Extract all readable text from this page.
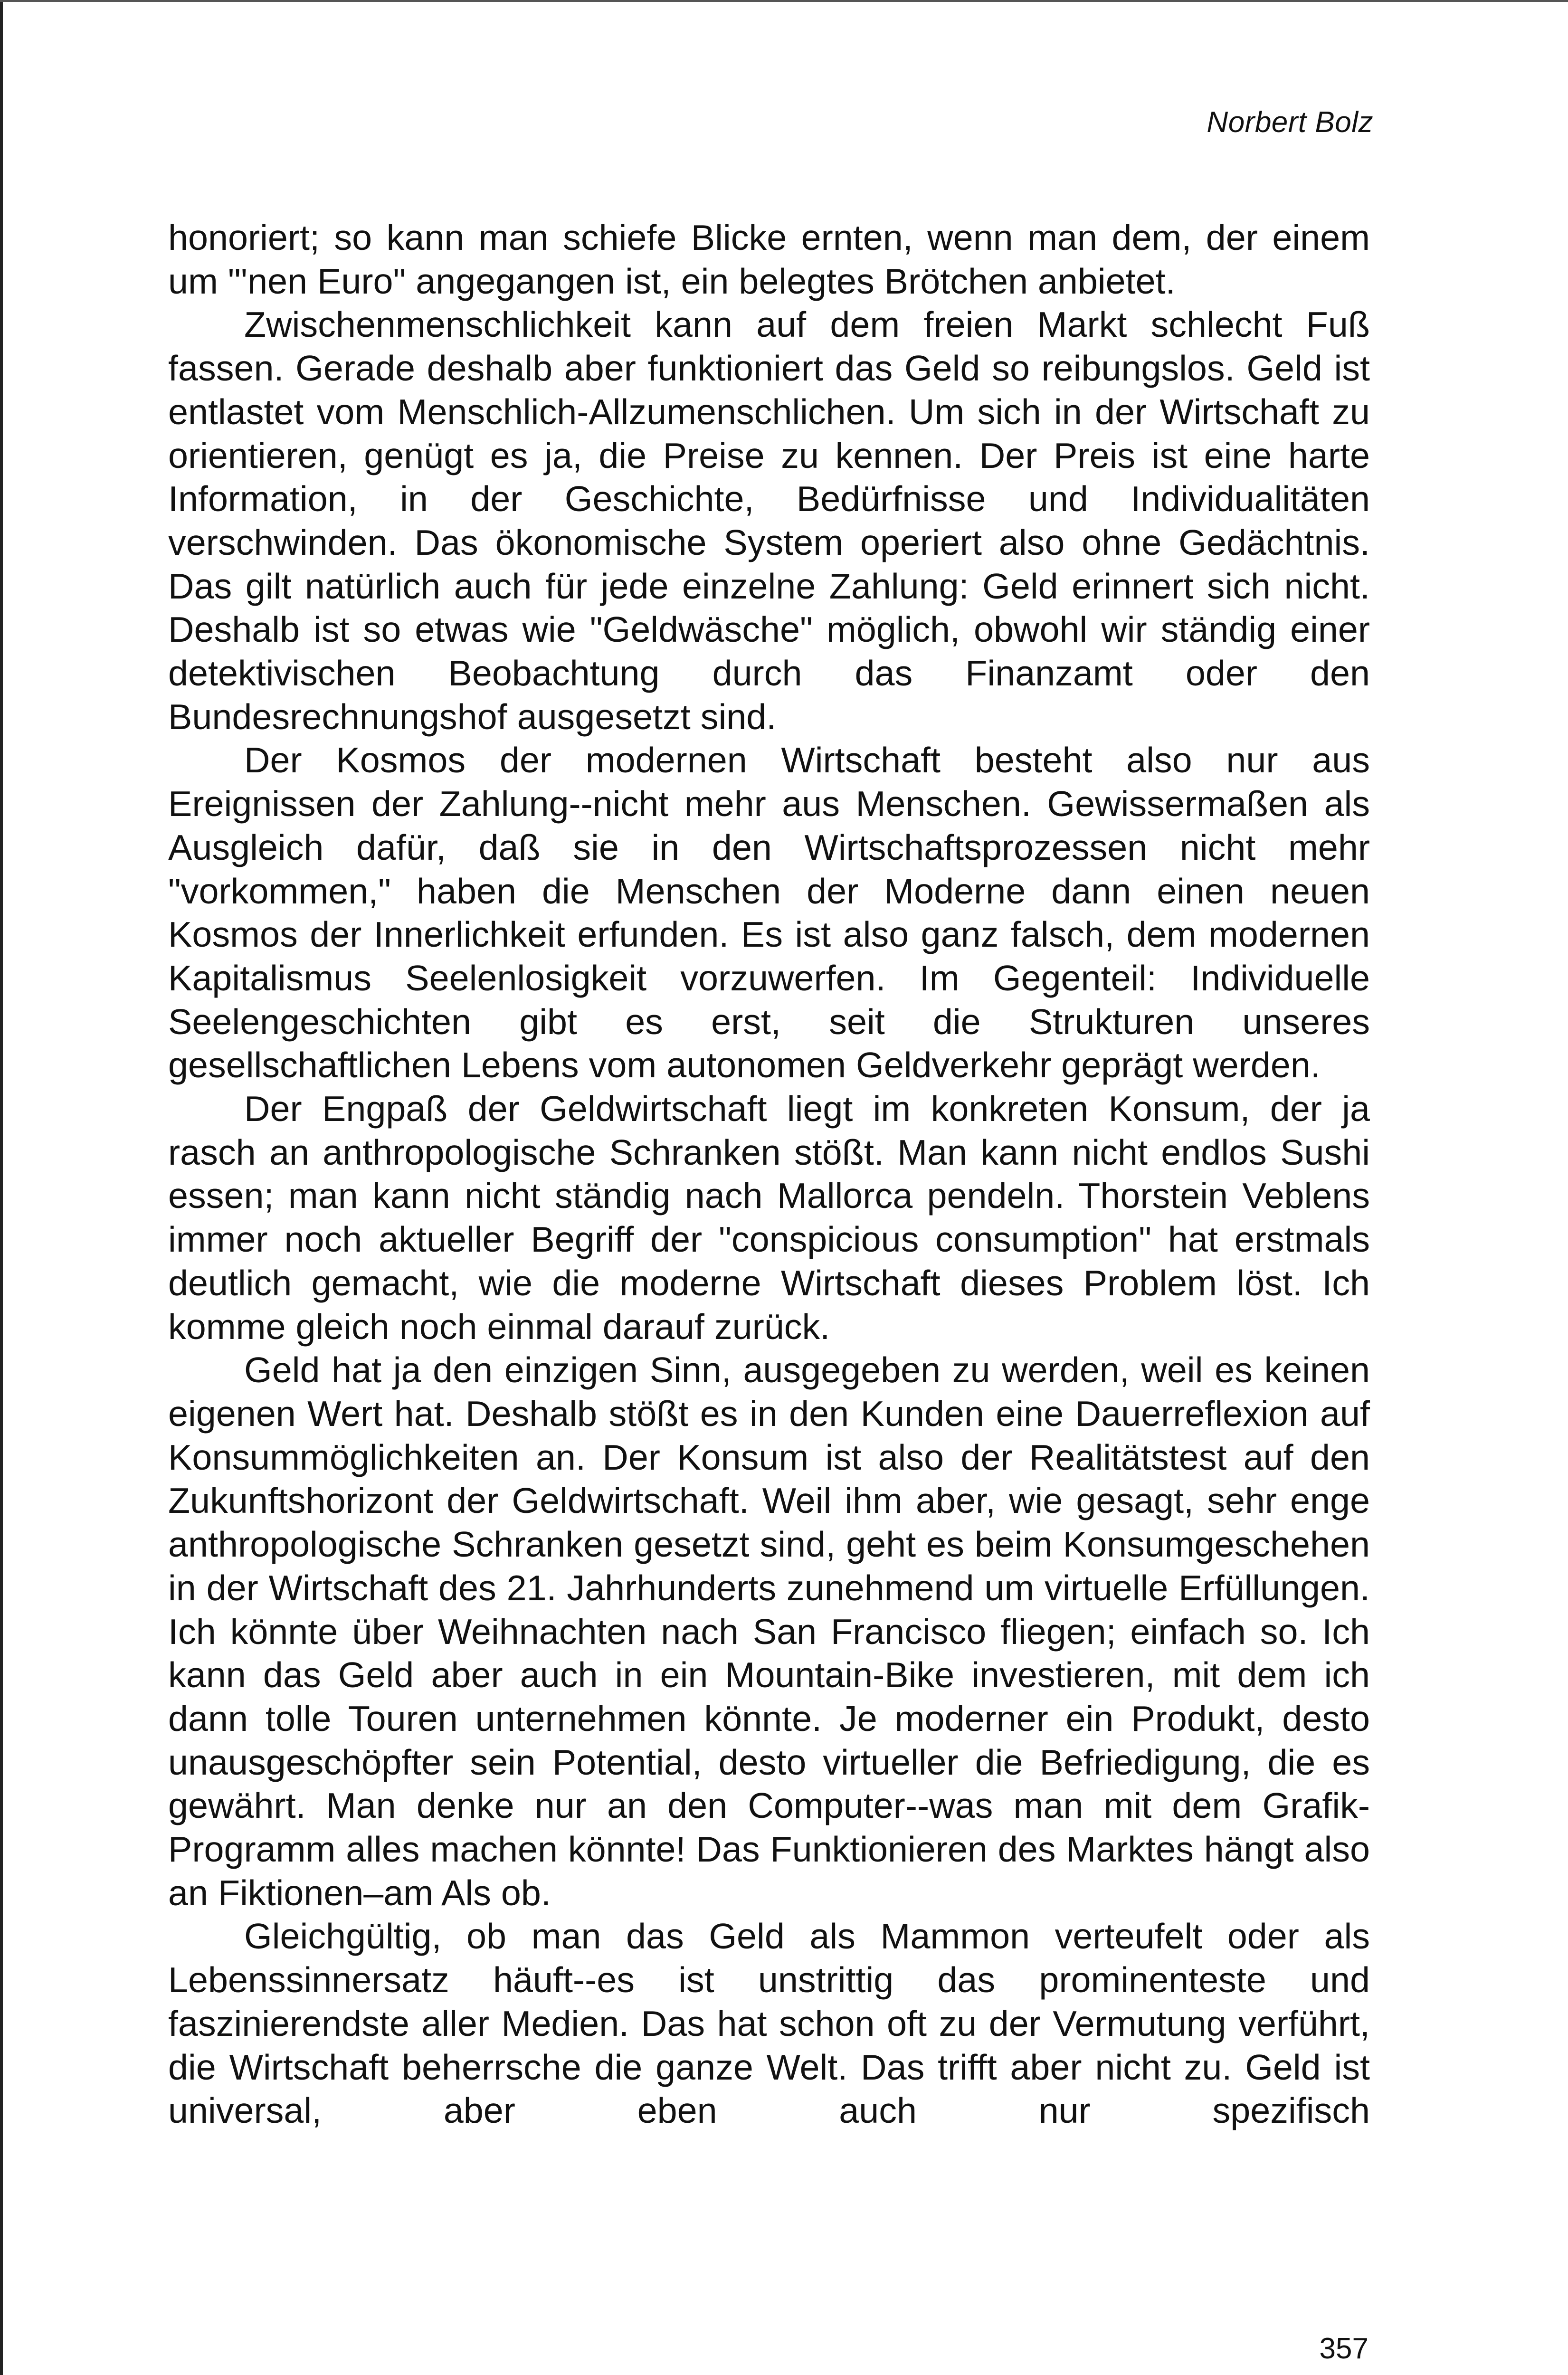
Norbert Bolz

honoriert; so kann man schiefe Blicke ernten, wenn man dem, der einem um "'nen Euro" angegangen ist, ein belegtes Brötchen anbietet.

Zwischenmenschlichkeit kann auf dem freien Markt schlecht Fuß fassen. Gerade deshalb aber funktioniert das Geld so reibungslos. Geld ist entlastet vom Menschlich-Allzumenschlichen. Um sich in der Wirtschaft zu orientieren, genügt es ja, die Preise zu kennen. Der Preis ist eine harte Information, in der Geschichte, Bedürfnisse und Individualitäten verschwinden. Das ökonomische System operiert also ohne Gedächtnis. Das gilt natürlich auch für jede einzelne Zahlung: Geld erinnert sich nicht. Deshalb ist so etwas wie "Geldwäsche" möglich, obwohl wir ständig einer detektivischen Beobachtung durch das Finanzamt oder den Bundesrechnungshof ausgesetzt sind.

Der Kosmos der modernen Wirtschaft besteht also nur aus Ereignissen der Zahlung--nicht mehr aus Menschen. Gewissermaßen als Ausgleich dafür, daß sie in den Wirtschaftsprozessen nicht mehr "vorkommen," haben die Menschen der Moderne dann einen neuen Kosmos der Innerlichkeit erfunden. Es ist also ganz falsch, dem modernen Kapitalismus Seelenlosigkeit vorzuwerfen. Im Gegenteil: Individuelle Seelengeschichten gibt es erst, seit die Strukturen unseres gesellschaftlichen Lebens vom autonomen Geldverkehr geprägt werden.

Der Engpaß der Geldwirtschaft liegt im konkreten Konsum, der ja rasch an anthropologische Schranken stößt. Man kann nicht endlos Sushi essen; man kann nicht ständig nach Mallorca pendeln. Thorstein Veblens immer noch aktueller Begriff der "conspicious consumption" hat erstmals deutlich gemacht, wie die moderne Wirtschaft dieses Problem löst. Ich komme gleich noch einmal darauf zurück.

Geld hat ja den einzigen Sinn, ausgegeben zu werden, weil es keinen eigenen Wert hat. Deshalb stößt es in den Kunden eine Dauerreflexion auf Konsummöglichkeiten an. Der Konsum ist also der Realitätstest auf den Zukunftshorizont der Geldwirtschaft. Weil ihm aber, wie gesagt, sehr enge anthropologische Schranken gesetzt sind, geht es beim Konsumgeschehen in der Wirtschaft des 21. Jahrhunderts zunehmend um virtuelle Erfüllungen. Ich könnte über Weihnachten nach San Francisco fliegen; einfach so. Ich kann das Geld aber auch in ein Mountain-Bike investieren, mit dem ich dann tolle Touren unternehmen könnte. Je moderner ein Produkt, desto unausgeschöpfter sein Potential, desto virtueller die Befriedigung, die es gewährt. Man denke nur an den Computer--was man mit dem Grafik-Programm alles machen könnte! Das Funktionieren des Marktes hängt also an Fiktionen–am Als ob.

Gleichgültig, ob man das Geld als Mammon verteufelt oder als Lebenssinnersatz häuft--es ist unstrittig das prominenteste und faszinierendste aller Medien. Das hat schon oft zu der Vermutung verführt, die Wirtschaft beherrsche die ganze Welt. Das trifft aber nicht zu. Geld ist universal, aber eben auch nur spezifisch

357
